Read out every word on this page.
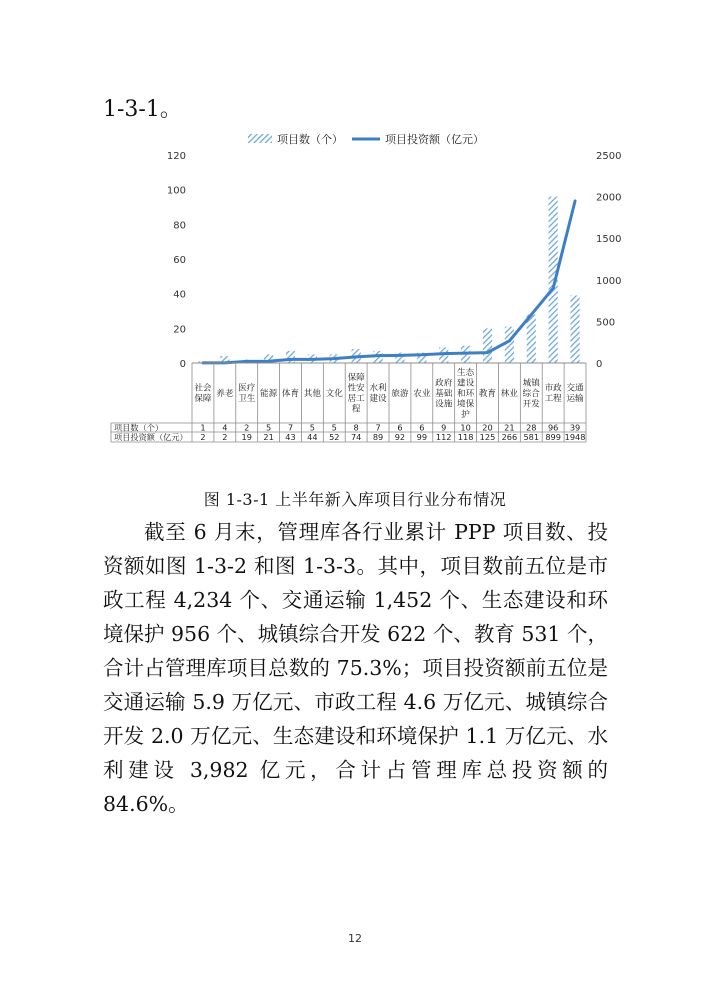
1-3-1。
0
20
40
60
80
100
120
0
500
1000
1500
2000
2500
社会保障
养老
医疗卫生
能源 体育 其他 文化
保障性安居工程
水利建设
旅游 农业
政府基础设施
生态建设和环境保护
教育 林业
城镇综合开发
市政工程
交通运输
项目数（个）	1 4 2 5 7 5 5 8 7 6 6 9 10 20 21 28 96 39
项目投资额（亿元） 2 2 19 21 43 44 52 74 89 92 99 112 118 125 266 581 899 1948
项目数（个）	项目投资额（亿元）
图 1-3-1 上半年新入库项目行业分布情况

截至 6 月末，管理库各行业累计 PPP 项目数、投资额如图 1-3-2 和图 1-3-3。其中，项目数前五位是市政工程 4,234 个、交通运输 1,452 个、生态建设和环境保护 956 个、城镇综合开发 622 个、教育 531 个，合计占管理库项目总数的 75.3%；项目投资额前五位是交通运输 5.9 万亿元、市政工程 4.6 万亿元、城镇综合开发 2.0 万亿元、生态建设和环境保护 1.1 万亿元、水利建设 3,982 亿元，合计占管理库总投资额的 84.6%。

12
